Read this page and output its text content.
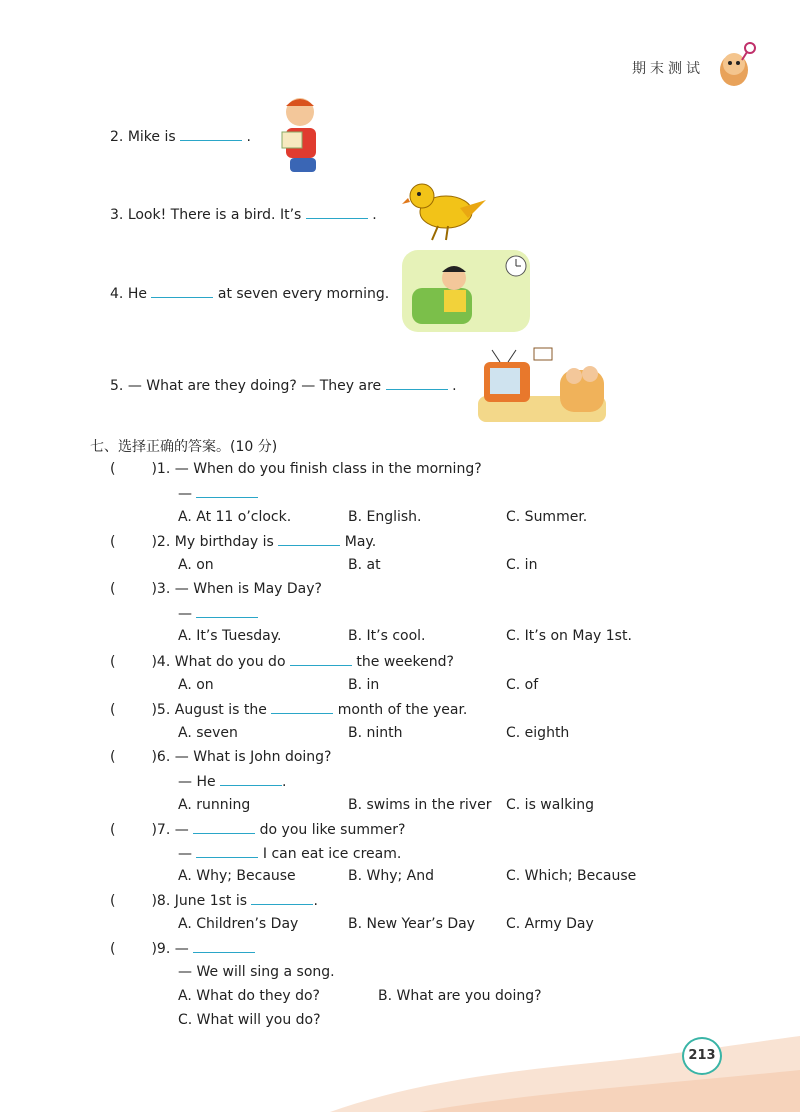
期末测试
2. Mike is	.
3. Look! There is a bird. It’s	.
4. He	at seven every morning.
5. — What are they doing? — They are	.
七、选择正确的答案。(10 分)
(	)1. — When do you finish class in the morning?
—
A. At 11 o’clock.	B. English.	C. Summer.
(	)2. My birthday is	May.
A. on	B. at	C. in
(	)3. — When is May Day?
—
A. It’s Tuesday.	B. It’s cool.	C. It’s on May 1st.
(	)4. What do you do	the weekend?
A. on	B. in	C. of
(	)5. August is the	month of the year.
A. seven	B. ninth	C. eighth
(	)6. — What is John doing?
— He	.
A. running	B. swims in the river C. is walking
(	)7. —	do you like summer?
—	I can eat ice cream.
A. Why; Because	B. Why; And	C. Which; Because
(	)8. June 1st is	.
A. Children’s Day	B. New Year’s Day C. Army Day
(	)9. —
— We will sing a song.
A. What do they do?	B. What are you doing?
C. What will you do?
213
